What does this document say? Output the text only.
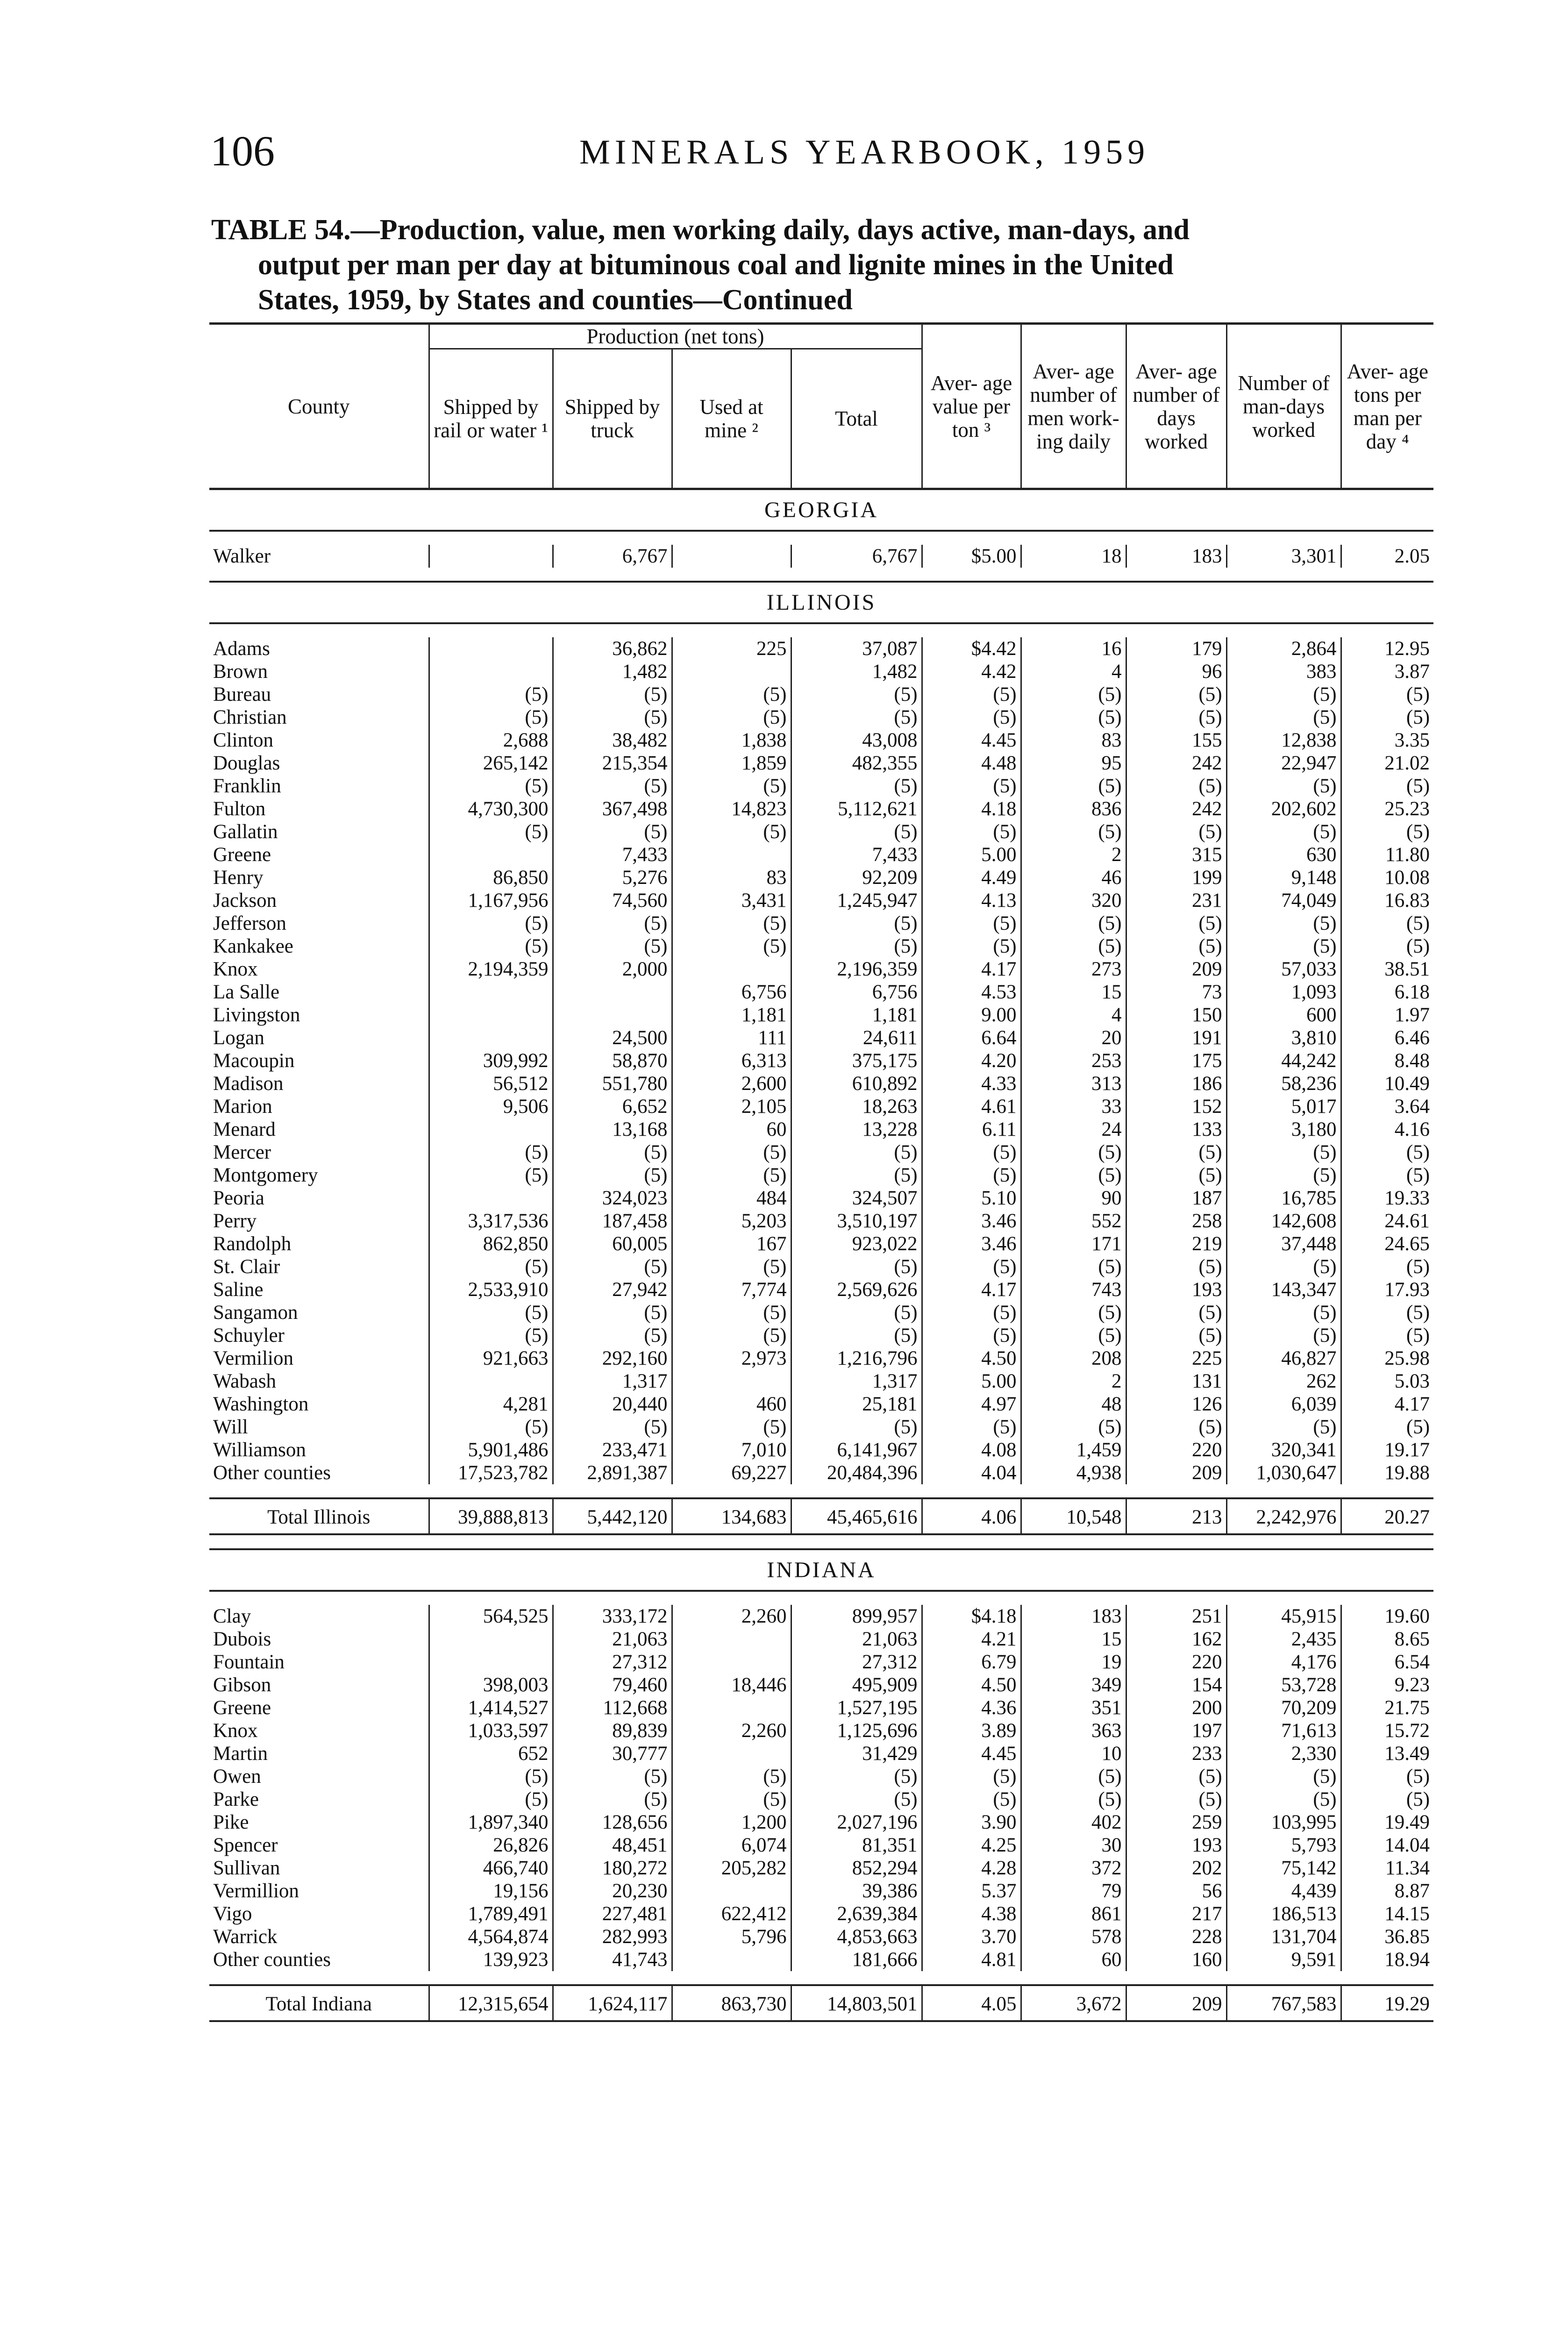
106	MINERALS YEARBOOK, 1959
TABLE 54.—Production, value, men working daily, days active, man-days, and
output per man per day at bituminous coal and lignite mines in the United
States, 1959, by States and counties—Continued
County	Production (net tons)				Aver- age value per ton ³	Aver- age number of men work- ing daily	Aver- age number of days worked	Number of man-days worked	Aver- age tons per man per day ⁴
	Shipped by rail or water ¹	Shipped by truck	Used at mine ²	Total					
GEORGIA									

Walker		6,767		6,767	$5.00	18	183	3,301	2.05

ILLINOIS									

Adams		36,862	225	37,087	$4.42	16	179	2,864	12.95
Brown		1,482		1,482	4.42	4	96	383	3.87
Bureau	(5)	(5)	(5)	(5)	(5)	(5)	(5)	(5)	(5)
Christian	(5)	(5)	(5)	(5)	(5)	(5)	(5)	(5)	(5)
Clinton	2,688	38,482	1,838	43,008	4.45	83	155	12,838	3.35
Douglas	265,142	215,354	1,859	482,355	4.48	95	242	22,947	21.02
Franklin	(5)	(5)	(5)	(5)	(5)	(5)	(5)	(5)	(5)
Fulton	4,730,300	367,498	14,823	5,112,621	4.18	836	242	202,602	25.23
Gallatin	(5)	(5)	(5)	(5)	(5)	(5)	(5)	(5)	(5)
Greene		7,433		7,433	5.00	2	315	630	11.80
Henry	86,850	5,276	83	92,209	4.49	46	199	9,148	10.08
Jackson	1,167,956	74,560	3,431	1,245,947	4.13	320	231	74,049	16.83
Jefferson	(5)	(5)	(5)	(5)	(5)	(5)	(5)	(5)	(5)
Kankakee	(5)	(5)	(5)	(5)	(5)	(5)	(5)	(5)	(5)
Knox	2,194,359	2,000		2,196,359	4.17	273	209	57,033	38.51
La Salle			6,756	6,756	4.53	15	73	1,093	6.18
Livingston			1,181	1,181	9.00	4	150	600	1.97
Logan		24,500	111	24,611	6.64	20	191	3,810	6.46
Macoupin	309,992	58,870	6,313	375,175	4.20	253	175	44,242	8.48
Madison	56,512	551,780	2,600	610,892	4.33	313	186	58,236	10.49
Marion	9,506	6,652	2,105	18,263	4.61	33	152	5,017	3.64
Menard		13,168	60	13,228	6.11	24	133	3,180	4.16
Mercer	(5)	(5)	(5)	(5)	(5)	(5)	(5)	(5)	(5)
Montgomery	(5)	(5)	(5)	(5)	(5)	(5)	(5)	(5)	(5)
Peoria		324,023	484	324,507	5.10	90	187	16,785	19.33
Perry	3,317,536	187,458	5,203	3,510,197	3.46	552	258	142,608	24.61
Randolph	862,850	60,005	167	923,022	3.46	171	219	37,448	24.65
St. Clair	(5)	(5)	(5)	(5)	(5)	(5)	(5)	(5)	(5)
Saline	2,533,910	27,942	7,774	2,569,626	4.17	743	193	143,347	17.93
Sangamon	(5)	(5)	(5)	(5)	(5)	(5)	(5)	(5)	(5)
Schuyler	(5)	(5)	(5)	(5)	(5)	(5)	(5)	(5)	(5)
Vermilion	921,663	292,160	2,973	1,216,796	4.50	208	225	46,827	25.98
Wabash		1,317		1,317	5.00	2	131	262	5.03
Washington	4,281	20,440	460	25,181	4.97	48	126	6,039	4.17
Will	(5)	(5)	(5)	(5)	(5)	(5)	(5)	(5)	(5)
Williamson	5,901,486	233,471	7,010	6,141,967	4.08	1,459	220	320,341	19.17
Other counties	17,523,782	2,891,387	69,227	20,484,396	4.04	4,938	209	1,030,647	19.88

Total Illinois	39,888,813	5,442,120	134,683	45,465,616	4.06	10,548	213	2,242,976	20.27

INDIANA									

Clay	564,525	333,172	2,260	899,957	$4.18	183	251	45,915	19.60
Dubois		21,063		21,063	4.21	15	162	2,435	8.65
Fountain		27,312		27,312	6.79	19	220	4,176	6.54
Gibson	398,003	79,460	18,446	495,909	4.50	349	154	53,728	9.23
Greene	1,414,527	112,668		1,527,195	4.36	351	200	70,209	21.75
Knox	1,033,597	89,839	2,260	1,125,696	3.89	363	197	71,613	15.72
Martin	652	30,777		31,429	4.45	10	233	2,330	13.49
Owen	(5)	(5)	(5)	(5)	(5)	(5)	(5)	(5)	(5)
Parke	(5)	(5)	(5)	(5)	(5)	(5)	(5)	(5)	(5)
Pike	1,897,340	128,656	1,200	2,027,196	3.90	402	259	103,995	19.49
Spencer	26,826	48,451	6,074	81,351	4.25	30	193	5,793	14.04
Sullivan	466,740	180,272	205,282	852,294	4.28	372	202	75,142	11.34
Vermillion	19,156	20,230		39,386	5.37	79	56	4,439	8.87
Vigo	1,789,491	227,481	622,412	2,639,384	4.38	861	217	186,513	14.15
Warrick	4,564,874	282,993	5,796	4,853,663	3.70	578	228	131,704	36.85
Other counties	139,923	41,743		181,666	4.81	60	160	9,591	18.94

Total Indiana	12,315,654	1,624,117	863,730	14,803,501	4.05	3,672	209	767,583	19.29
